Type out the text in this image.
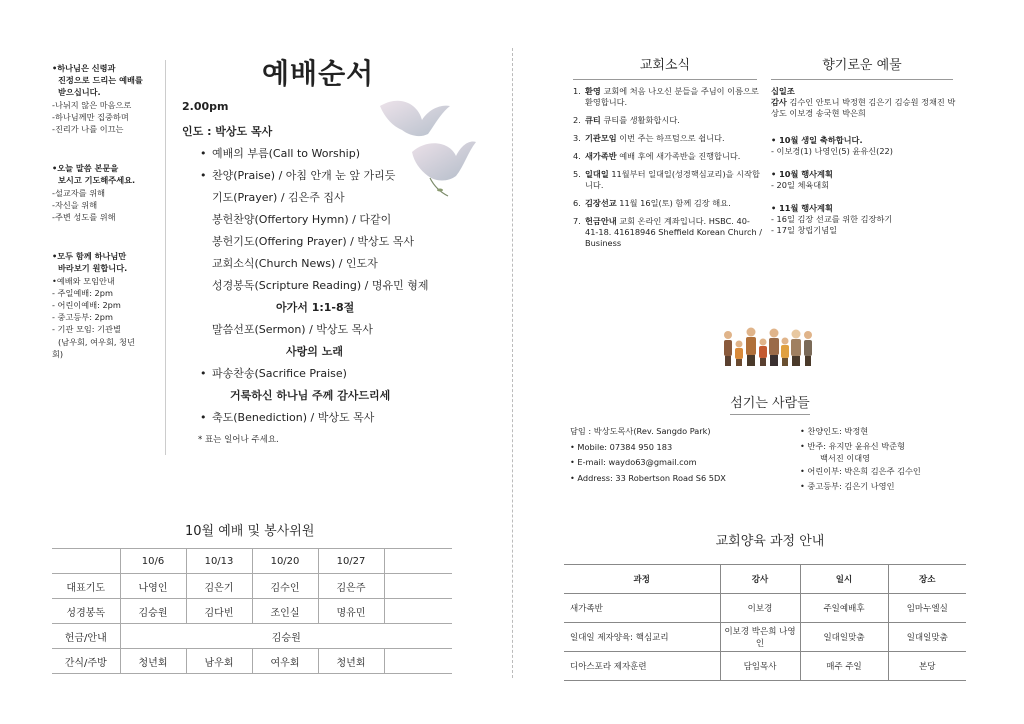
•하나님은 신령과
진정으로 드리는 예배를
받으십니다.
-나뉘지 않은 마음으로
-하나님께만 집중하며
-진리가 나를 이끄는
•오늘 말씀 본문을
보시고 기도해주세요.
-설교자를 위해
-자신을 위해
-주변 성도를 위해
•모두 함께 하나님만
바라보기 원합니다.
•예배와 모임안내
- 주일예배: 2pm
- 어린이예배: 2pm
- 중고등부: 2pm
- 기관 모임: 기관별
(남우회, 여우회, 청년
회)
예배순서
2.00pm
인도 : 박상도 목사
• 예배의 부름(Call to Worship)
• 찬양(Praise) / 아침 안개 눈 앞 가리듯
기도(Prayer) / 김은주 집사
봉헌찬양(Offertory Hymn) / 다같이
봉헌기도(Offering Prayer) / 박상도 목사
교회소식(Church News) / 인도자
성경봉독(Scripture Reading) / 명유민 형제
아가서 1:1-8절
말씀선포(Sermon) / 박상도 목사
사랑의 노래
• 파송찬송(Sacrifice Praise)
거룩하신 하나님 주께 감사드리세
• 축도(Benediction) / 박상도 목사
* 표는 일어나 주세요.
10월 예배 및 봉사위원
	10/6	10/13	10/20	10/27	
대표기도	나영인	김은기	김수인	김은주	
성경봉독	김승원	김다빈	조인실	명유민	
헌금/안내	김승원				
간식/주방	청년회	남우회	여우회	청년회	
교회소식
1. 환영 교회에 처음 나오신 분들을 주님이 이름으로 환영합니다.
2. 큐티 큐티를 생활화합시다.
3. 기관모임 이번 주는 하프텀으로 쉽니다.
4. 새가족반 예배 후에 새가족반을 진행합니다.
5. 일대일 11월부터 일대일(성경핵심교리)을 시작합니다.
6. 김장선교 11월 16일(토) 함께 김장 해요.
7. 헌금안내 교회 온라인 계좌입니다. HSBC. 40-41-18. 41618946 Sheffield Korean Church / Business
향기로운 예물
십일조
감사 김수인 안토니 박정현 김은기 김승원 정채진 박상도 이보경 송국현 박은희
• 10월 생일 축하합니다.
- 이보경(1) 나영인(5) 윤유신(22)
• 10월 행사계획
- 20일 체육대회
• 11월 행사계획
- 16일 김장 선교를 위한 김장하기
- 17일 창립기념일
섬기는 사람들
담임 : 박상도목사(Rev. Sangdo Park)
• Mobile: 07384 950 183
• E-mail: waydo63@gmail.com
• Address: 33 Robertson Road S6 5DX
• 찬양인도: 박정현
• 반주: 유지만 윤유신 박준형
백서진 이대영
• 어린이부: 박은희 김은주 김수인
• 중고등부: 김은기 나영인
교회양육 과정 안내
과정	강사	일시	장소
새가족반	이보경	주일예배후	임마누엘실
일대일 제자양육: 핵심교리	이보경 박은희 나영인	일대일맞춤	일대일맞춤
디아스포라 제자훈련	담임목사	매주 주일	본당
